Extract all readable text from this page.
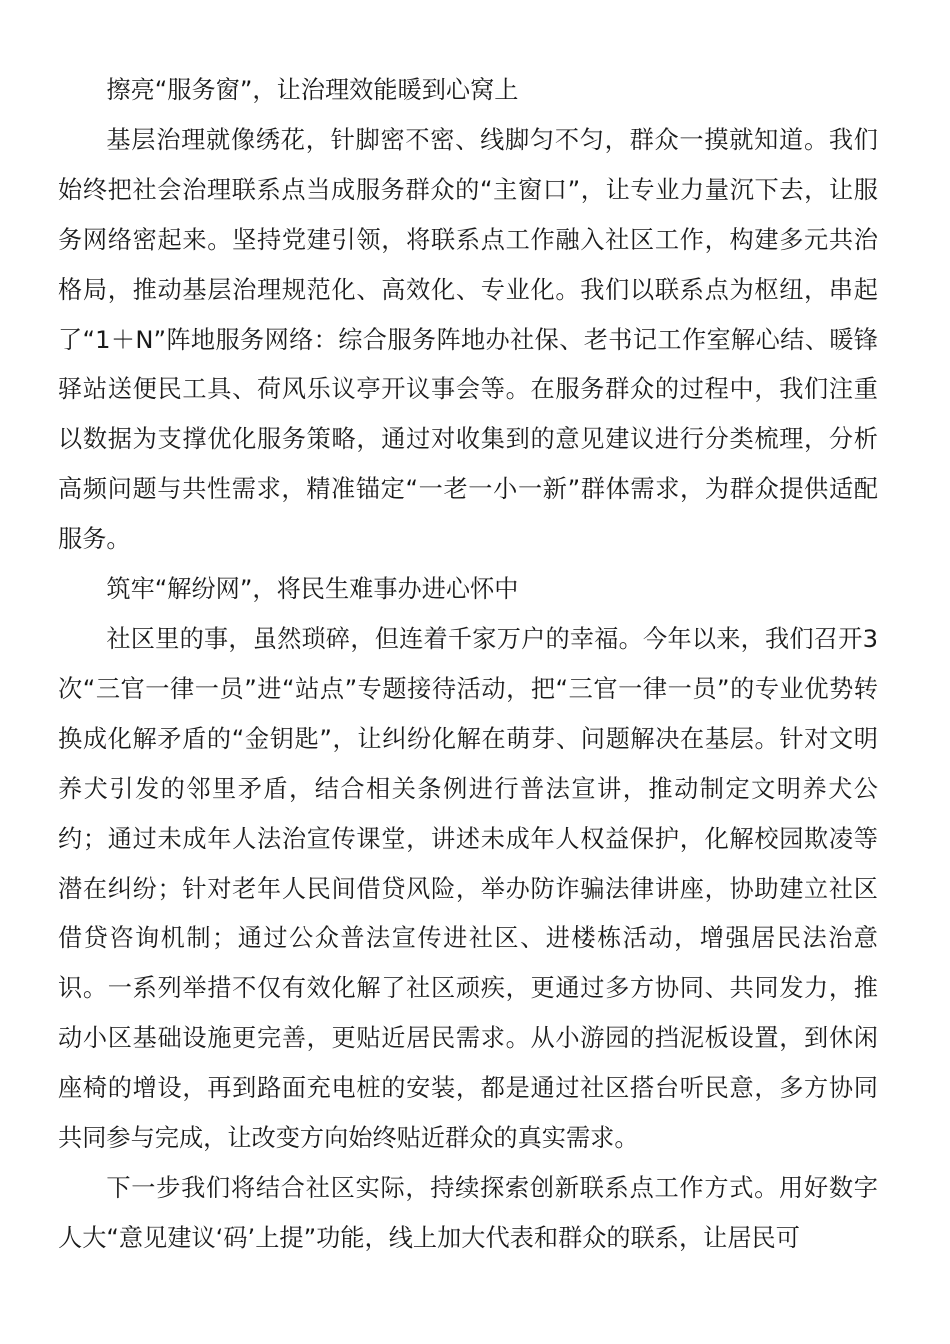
擦亮“服务窗”，让治理效能暖到心窝上

基层治理就像绣花，针脚密不密、线脚匀不匀，群众一摸就知道。我们始终把社会治理联系点当成服务群众的“主窗口”，让专业力量沉下去，让服务网络密起来。坚持党建引领，将联系点工作融入社区工作，构建多元共治格局，推动基层治理规范化、高效化、专业化。我们以联系点为枢纽，串起了“1＋N”阵地服务网络：综合服务阵地办社保、老书记工作室解心结、暖锋驿站送便民工具、荷风乐议亭开议事会等。在服务群众的过程中，我们注重以数据为支撑优化服务策略，通过对收集到的意见建议进行分类梳理，分析高频问题与共性需求，精准锚定“一老一小一新”群体需求，为群众提供适配服务。

筑牢“解纷网”，将民生难事办进心怀中

社区里的事，虽然琐碎，但连着千家万户的幸福。今年以来，我们召开3次“三官一律一员”进“站点”专题接待活动，把“三官一律一员”的专业优势转换成化解矛盾的“金钥匙”，让纠纷化解在萌芽、问题解决在基层。针对文明养犬引发的邻里矛盾，结合相关条例进行普法宣讲，推动制定文明养犬公约；通过未成年人法治宣传课堂，讲述未成年人权益保护，化解校园欺凌等潜在纠纷；针对老年人民间借贷风险，举办防诈骗法律讲座，协助建立社区借贷咨询机制；通过公众普法宣传进社区、进楼栋活动，增强居民法治意识。一系列举措不仅有效化解了社区顽疾，更通过多方协同、共同发力，推动小区基础设施更完善，更贴近居民需求。从小游园的挡泥板设置，到休闲座椅的增设，再到路面充电桩的安装，都是通过社区搭台听民意，多方协同共同参与完成，让改变方向始终贴近群众的真实需求。

下一步我们将结合社区实际，持续探索创新联系点工作方式。用好数字人大“意见建议‘码’上提”功能，线上加大代表和群众的联系，让居民可
